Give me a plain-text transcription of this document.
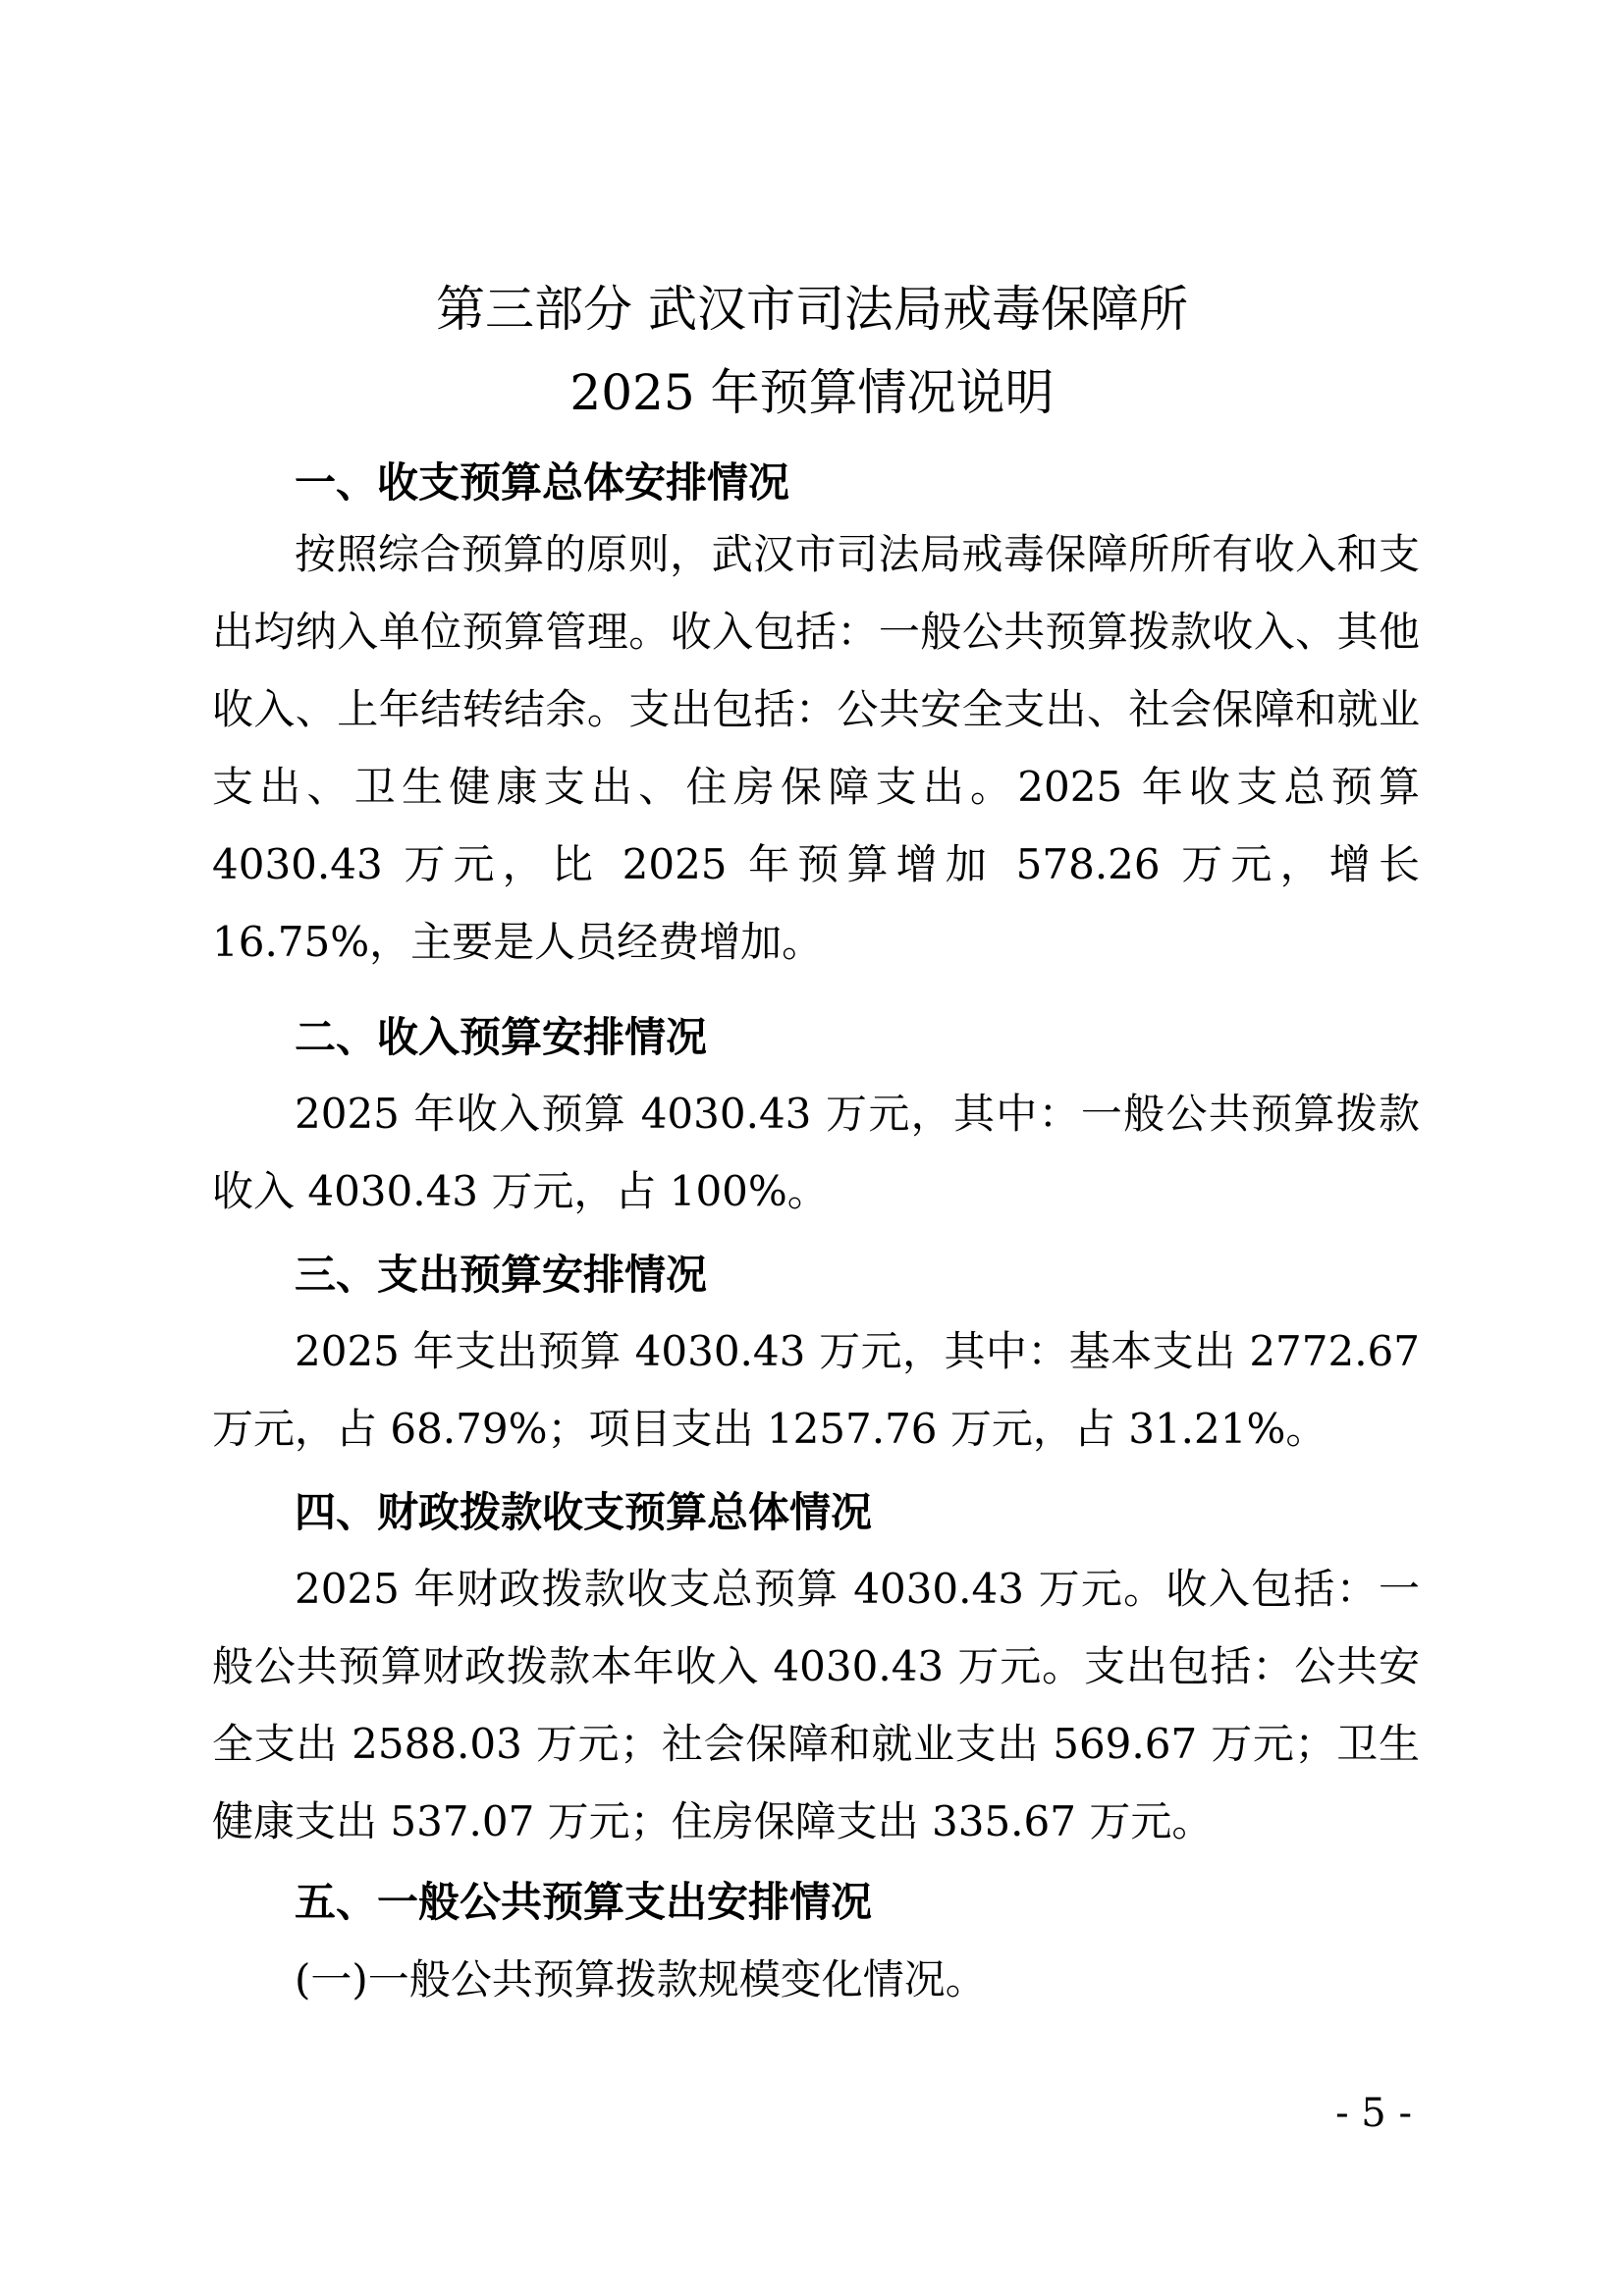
第三部分 武汉市司法局戒毒保障所
2025 年预算情况说明
一、收支预算总体安排情况
按照综合预算的原则，武汉市司法局戒毒保障所所有收入和支出均纳入单位预算管理。收入包括：一般公共预算拨款收入、其他收入、上年结转结余。支出包括：公共安全支出、社会保障和就业支出、卫生健康支出、住房保障支出。2025 年收支总预算 4030.43 万元，比 2025 年预算增加 578.26 万元，增长 16.75%，主要是人员经费增加。
二、收入预算安排情况
2025 年收入预算 4030.43 万元，其中：一般公共预算拨款收入 4030.43 万元，占 100%。
三、支出预算安排情况
2025 年支出预算 4030.43 万元，其中：基本支出 2772.67 万元，占 68.79%；项目支出 1257.76 万元，占 31.21%。
四、财政拨款收支预算总体情况
2025 年财政拨款收支总预算 4030.43 万元。收入包括：一般公共预算财政拨款本年收入 4030.43 万元。支出包括：公共安全支出 2588.03 万元；社会保障和就业支出 569.67 万元；卫生健康支出 537.07 万元；住房保障支出 335.67 万元。
五、一般公共预算支出安排情况
(一)一般公共预算拨款规模变化情况。
- 5 -
